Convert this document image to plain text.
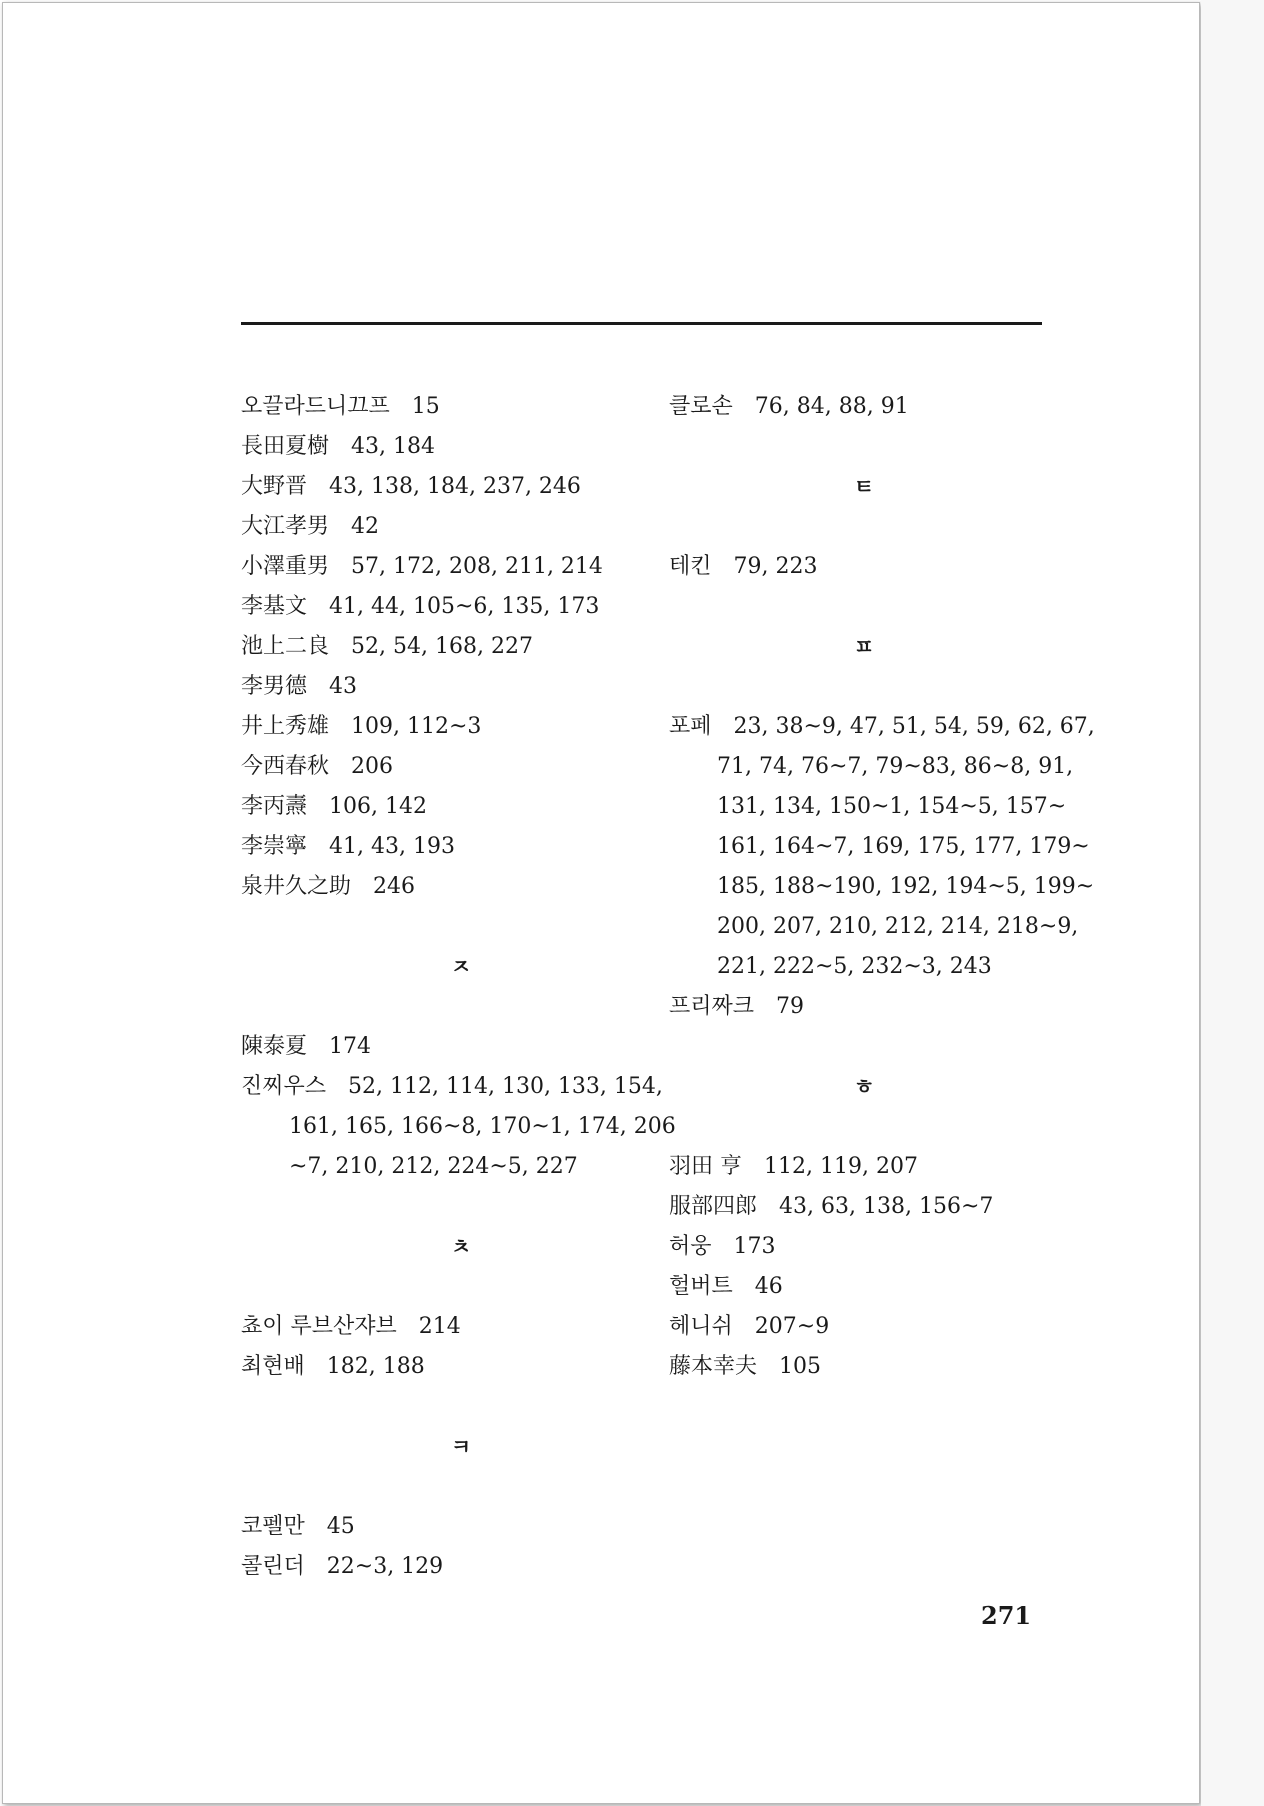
오끌라드니끄프 15
長田夏樹 43, 184
大野晋 43, 138, 184, 237, 246
大江孝男 42
小澤重男 57, 172, 208, 211, 214
李基文 41, 44, 105~6, 135, 173
池上二良 52, 54, 168, 227
李男德 43
井上秀雄 109, 112~3
今西春秋 206
李丙燾 106, 142
李崇寧 41, 43, 193
泉井久之助 246
ㅈ
陳泰夏 174
진찌우스 52, 112, 114, 130, 133, 154,
161, 165, 166~8, 170~1, 174, 206
~7, 210, 212, 224~5, 227
ㅊ
쵸이 루브산쟈브 214
최현배 182, 188
ㅋ
코펠만 45
콜린더 22~3, 129
클로손 76, 84, 88, 91
ㅌ
테킨 79, 223
ㅍ
포페 23, 38~9, 47, 51, 54, 59, 62, 67,
71, 74, 76~7, 79~83, 86~8, 91,
131, 134, 150~1, 154~5, 157~
161, 164~7, 169, 175, 177, 179~
185, 188~190, 192, 194~5, 199~
200, 207, 210, 212, 214, 218~9,
221, 222~5, 232~3, 243
프리짜크 79
ㅎ
羽田 亨 112, 119, 207
服部四郎 43, 63, 138, 156~7
허웅 173
헐버트 46
헤니쉬 207~9
藤本幸夫 105
271
